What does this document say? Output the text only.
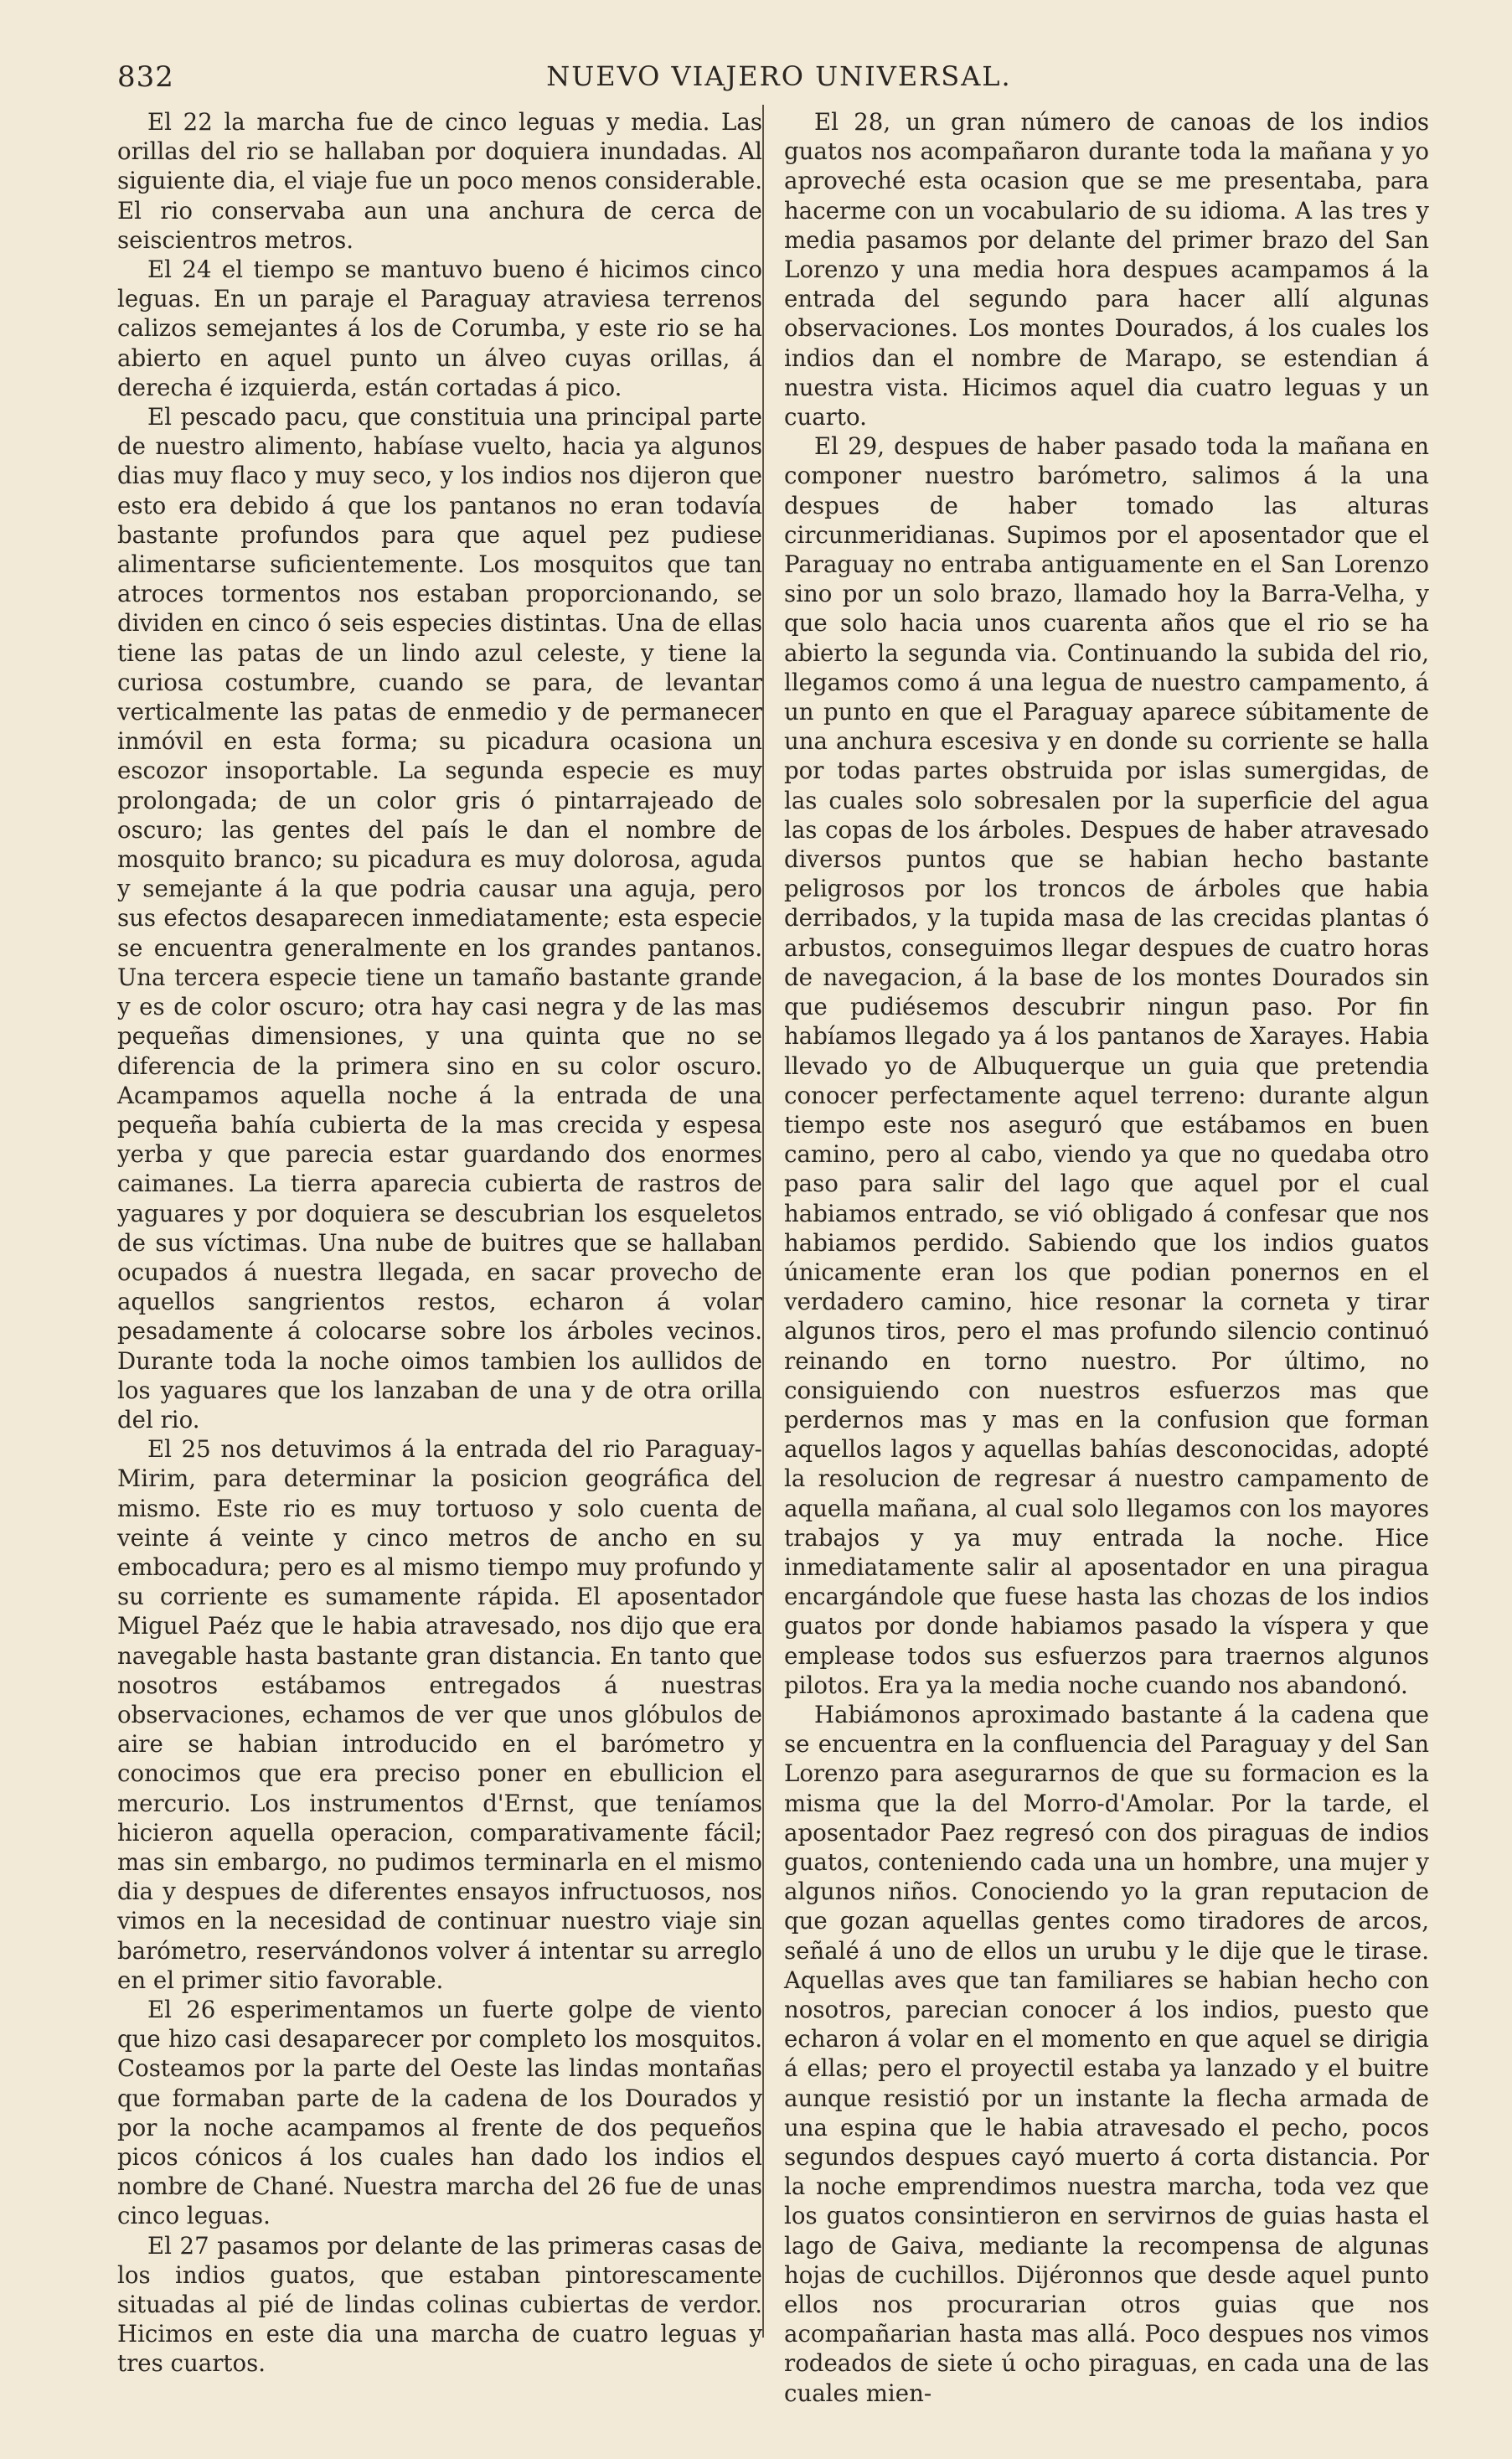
832	NUEVO VIAJERO UNIVERSAL.

El 22 la marcha fue de cinco leguas y media. Las orillas del rio se hallaban por doquiera inundadas. Al siguiente dia, el viaje fue un poco menos considerable. El rio conservaba aun una anchura de cerca de seiscientros metros.

El 24 el tiempo se mantuvo bueno é hicimos cinco leguas. En un paraje el Paraguay atraviesa terrenos calizos semejantes á los de Corumba, y este rio se ha abierto en aquel punto un álveo cuyas orillas, á derecha é izquierda, están cortadas á pico.

El pescado pacu, que constituia una principal parte de nuestro alimento, habíase vuelto, hacia ya algunos dias muy flaco y muy seco, y los indios nos dijeron que esto era debido á que los pantanos no eran todavía bastante profundos para que aquel pez pudiese alimentarse suficientemente. Los mosquitos que tan atroces tormentos nos estaban proporcionando, se dividen en cinco ó seis especies distintas. Una de ellas tiene las patas de un lindo azul celeste, y tiene la curiosa costumbre, cuando se para, de levantar verticalmente las patas de enmedio y de permanecer inmóvil en esta forma; su picadura ocasiona un escozor insoportable. La segunda especie es muy prolongada; de un color gris ó pintarrajeado de oscuro; las gentes del país le dan el nombre de mosquito branco; su picadura es muy dolorosa, aguda y semejante á la que podria causar una aguja, pero sus efectos desaparecen inmediatamente; esta especie se encuentra generalmente en los grandes pantanos. Una tercera especie tiene un tamaño bastante grande y es de color oscuro; otra hay casi negra y de las mas pequeñas dimensiones, y una quinta que no se diferencia de la primera sino en su color oscuro. Acampamos aquella noche á la entrada de una pequeña bahía cubierta de la mas crecida y espesa yerba y que parecia estar guardando dos enormes caimanes. La tierra aparecia cubierta de rastros de yaguares y por doquiera se descubrian los esqueletos de sus víctimas. Una nube de buitres que se hallaban ocupados á nuestra llegada, en sacar provecho de aquellos sangrientos restos, echaron á volar pesadamente á colocarse sobre los árboles vecinos. Durante toda la noche oimos tambien los aullidos de los yaguares que los lanzaban de una y de otra orilla del rio.

El 25 nos detuvimos á la entrada del rio Paraguay-Mirim, para determinar la posicion geográfica del mismo. Este rio es muy tortuoso y solo cuenta de veinte á veinte y cinco metros de ancho en su embocadura; pero es al mismo tiempo muy profundo y su corriente es sumamente rápida. El aposentador Miguel Paéz que le habia atravesado, nos dijo que era navegable hasta bastante gran distancia. En tanto que nosotros estábamos entregados á nuestras observaciones, echamos de ver que unos glóbulos de aire se habian introducido en el barómetro y conocimos que era preciso poner en ebullicion el mercurio. Los instrumentos d'Ernst, que teníamos hicieron aquella operacion, comparativamente fácil; mas sin embargo, no pudimos terminarla en el mismo dia y despues de diferentes ensayos infructuosos, nos vimos en la necesidad de continuar nuestro viaje sin barómetro, reservándonos volver á intentar su arreglo en el primer sitio favorable.

El 26 esperimentamos un fuerte golpe de viento que hizo casi desaparecer por completo los mosquitos. Costeamos por la parte del Oeste las lindas montañas que formaban parte de la cadena de los Dourados y por la noche acampamos al frente de dos pequeños picos cónicos á los cuales han dado los indios el nombre de Chané. Nuestra marcha del 26 fue de unas cinco leguas.

El 27 pasamos por delante de las primeras casas de los indios guatos, que estaban pintorescamente situadas al pié de lindas colinas cubiertas de verdor. Hicimos en este dia una marcha de cuatro leguas y tres cuartos.

El 28, un gran número de canoas de los indios guatos nos acompañaron durante toda la mañana y yo aproveché esta ocasion que se me presentaba, para hacerme con un vocabulario de su idioma. A las tres y media pasamos por delante del primer brazo del San Lorenzo y una media hora despues acampamos á la entrada del segundo para hacer allí algunas observaciones. Los montes Dourados, á los cuales los indios dan el nombre de Marapo, se estendian á nuestra vista. Hicimos aquel dia cuatro leguas y un cuarto.

El 29, despues de haber pasado toda la mañana en componer nuestro barómetro, salimos á la una despues de haber tomado las alturas circunmeridianas. Supimos por el aposentador que el Paraguay no entraba antiguamente en el San Lorenzo sino por un solo brazo, llamado hoy la Barra-Velha, y que solo hacia unos cuarenta años que el rio se ha abierto la segunda via. Continuando la subida del rio, llegamos como á una legua de nuestro campamento, á un punto en que el Paraguay aparece súbitamente de una anchura escesiva y en donde su corriente se halla por todas partes obstruida por islas sumergidas, de las cuales solo sobresalen por la superficie del agua las copas de los árboles. Despues de haber atravesado diversos puntos que se habian hecho bastante peligrosos por los troncos de árboles que habia derribados, y la tupida masa de las crecidas plantas ó arbustos, conseguimos llegar despues de cuatro horas de navegacion, á la base de los montes Dourados sin que pudiésemos descubrir ningun paso. Por fin habíamos llegado ya á los pantanos de Xarayes. Habia llevado yo de Albuquerque un guia que pretendia conocer perfectamente aquel terreno: durante algun tiempo este nos aseguró que estábamos en buen camino, pero al cabo, viendo ya que no quedaba otro paso para salir del lago que aquel por el cual habiamos entrado, se vió obligado á confesar que nos habiamos perdido. Sabiendo que los indios guatos únicamente eran los que podian ponernos en el verdadero camino, hice resonar la corneta y tirar algunos tiros, pero el mas profundo silencio continuó reinando en torno nuestro. Por último, no consiguiendo con nuestros esfuerzos mas que perdernos mas y mas en la confusion que forman aquellos lagos y aquellas bahías desconocidas, adopté la resolucion de regresar á nuestro campamento de aquella mañana, al cual solo llegamos con los mayores trabajos y ya muy entrada la noche. Hice inmediatamente salir al aposentador en una piragua encargándole que fuese hasta las chozas de los indios guatos por donde habiamos pasado la víspera y que emplease todos sus esfuerzos para traernos algunos pilotos. Era ya la media noche cuando nos abandonó.

Habiámonos aproximado bastante á la cadena que se encuentra en la confluencia del Paraguay y del San Lorenzo para asegurarnos de que su formacion es la misma que la del Morro-d'Amolar. Por la tarde, el aposentador Paez regresó con dos piraguas de indios guatos, conteniendo cada una un hombre, una mujer y algunos niños. Conociendo yo la gran reputacion de que gozan aquellas gentes como tiradores de arcos, señalé á uno de ellos un urubu y le dije que le tirase. Aquellas aves que tan familiares se habian hecho con nosotros, parecian conocer á los indios, puesto que echaron á volar en el momento en que aquel se dirigia á ellas; pero el proyectil estaba ya lanzado y el buitre aunque resistió por un instante la flecha armada de una espina que le habia atravesado el pecho, pocos segundos despues cayó muerto á corta distancia. Por la noche emprendimos nuestra marcha, toda vez que los guatos consintieron en servirnos de guias hasta el lago de Gaiva, mediante la recompensa de algunas hojas de cuchillos. Dijéronnos que desde aquel punto ellos nos procurarian otros guias que nos acompañarian hasta mas allá. Poco despues nos vimos rodeados de siete ú ocho piraguas, en cada una de las cuales mien-
